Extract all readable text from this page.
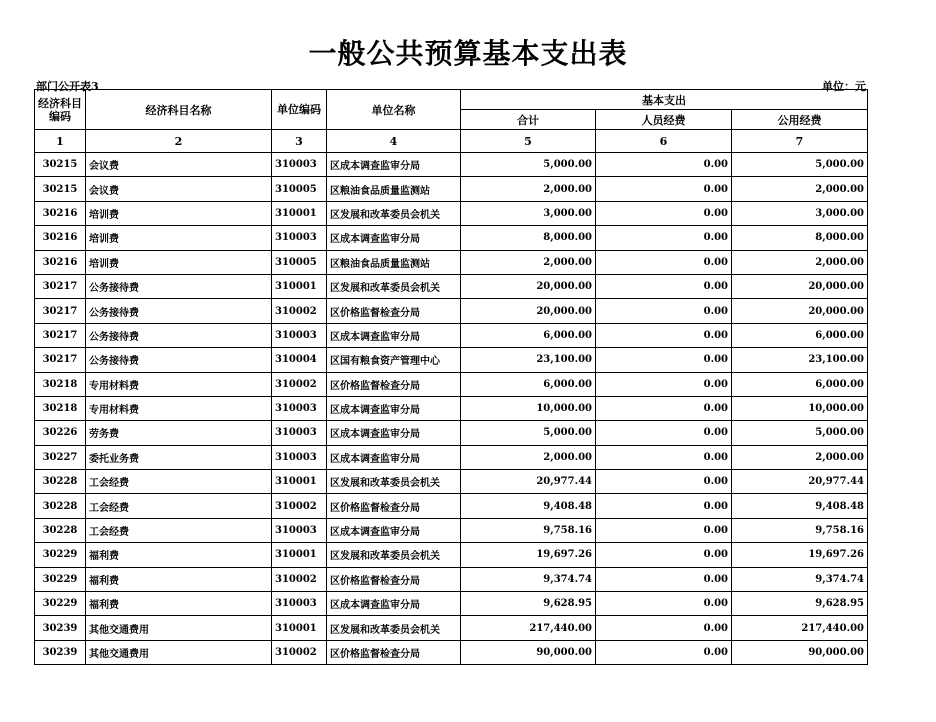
一般公共预算基本支出表
部门公开表3	单位：元
经济科目编码	经济科目名称	单位编码	单位名称	基本支出		
				合计	人员经费	公用经费
1	2	3	4	5	6	7
30215	会议费	310003	区成本调查监审分局	5,000.00	0.00	5,000.00
30215	会议费	310005	区粮油食品质量监测站	2,000.00	0.00	2,000.00
30216	培训费	310001	区发展和改革委员会机关	3,000.00	0.00	3,000.00
30216	培训费	310003	区成本调查监审分局	8,000.00	0.00	8,000.00
30216	培训费	310005	区粮油食品质量监测站	2,000.00	0.00	2,000.00
30217	公务接待费	310001	区发展和改革委员会机关	20,000.00	0.00	20,000.00
30217	公务接待费	310002	区价格监督检查分局	20,000.00	0.00	20,000.00
30217	公务接待费	310003	区成本调查监审分局	6,000.00	0.00	6,000.00
30217	公务接待费	310004	区国有粮食资产管理中心	23,100.00	0.00	23,100.00
30218	专用材料费	310002	区价格监督检查分局	6,000.00	0.00	6,000.00
30218	专用材料费	310003	区成本调查监审分局	10,000.00	0.00	10,000.00
30226	劳务费	310003	区成本调查监审分局	5,000.00	0.00	5,000.00
30227	委托业务费	310003	区成本调查监审分局	2,000.00	0.00	2,000.00
30228	工会经费	310001	区发展和改革委员会机关	20,977.44	0.00	20,977.44
30228	工会经费	310002	区价格监督检查分局	9,408.48	0.00	9,408.48
30228	工会经费	310003	区成本调查监审分局	9,758.16	0.00	9,758.16
30229	福利费	310001	区发展和改革委员会机关	19,697.26	0.00	19,697.26
30229	福利费	310002	区价格监督检查分局	9,374.74	0.00	9,374.74
30229	福利费	310003	区成本调查监审分局	9,628.95	0.00	9,628.95
30239	其他交通费用	310001	区发展和改革委员会机关	217,440.00	0.00	217,440.00
30239	其他交通费用	310002	区价格监督检查分局	90,000.00	0.00	90,000.00
